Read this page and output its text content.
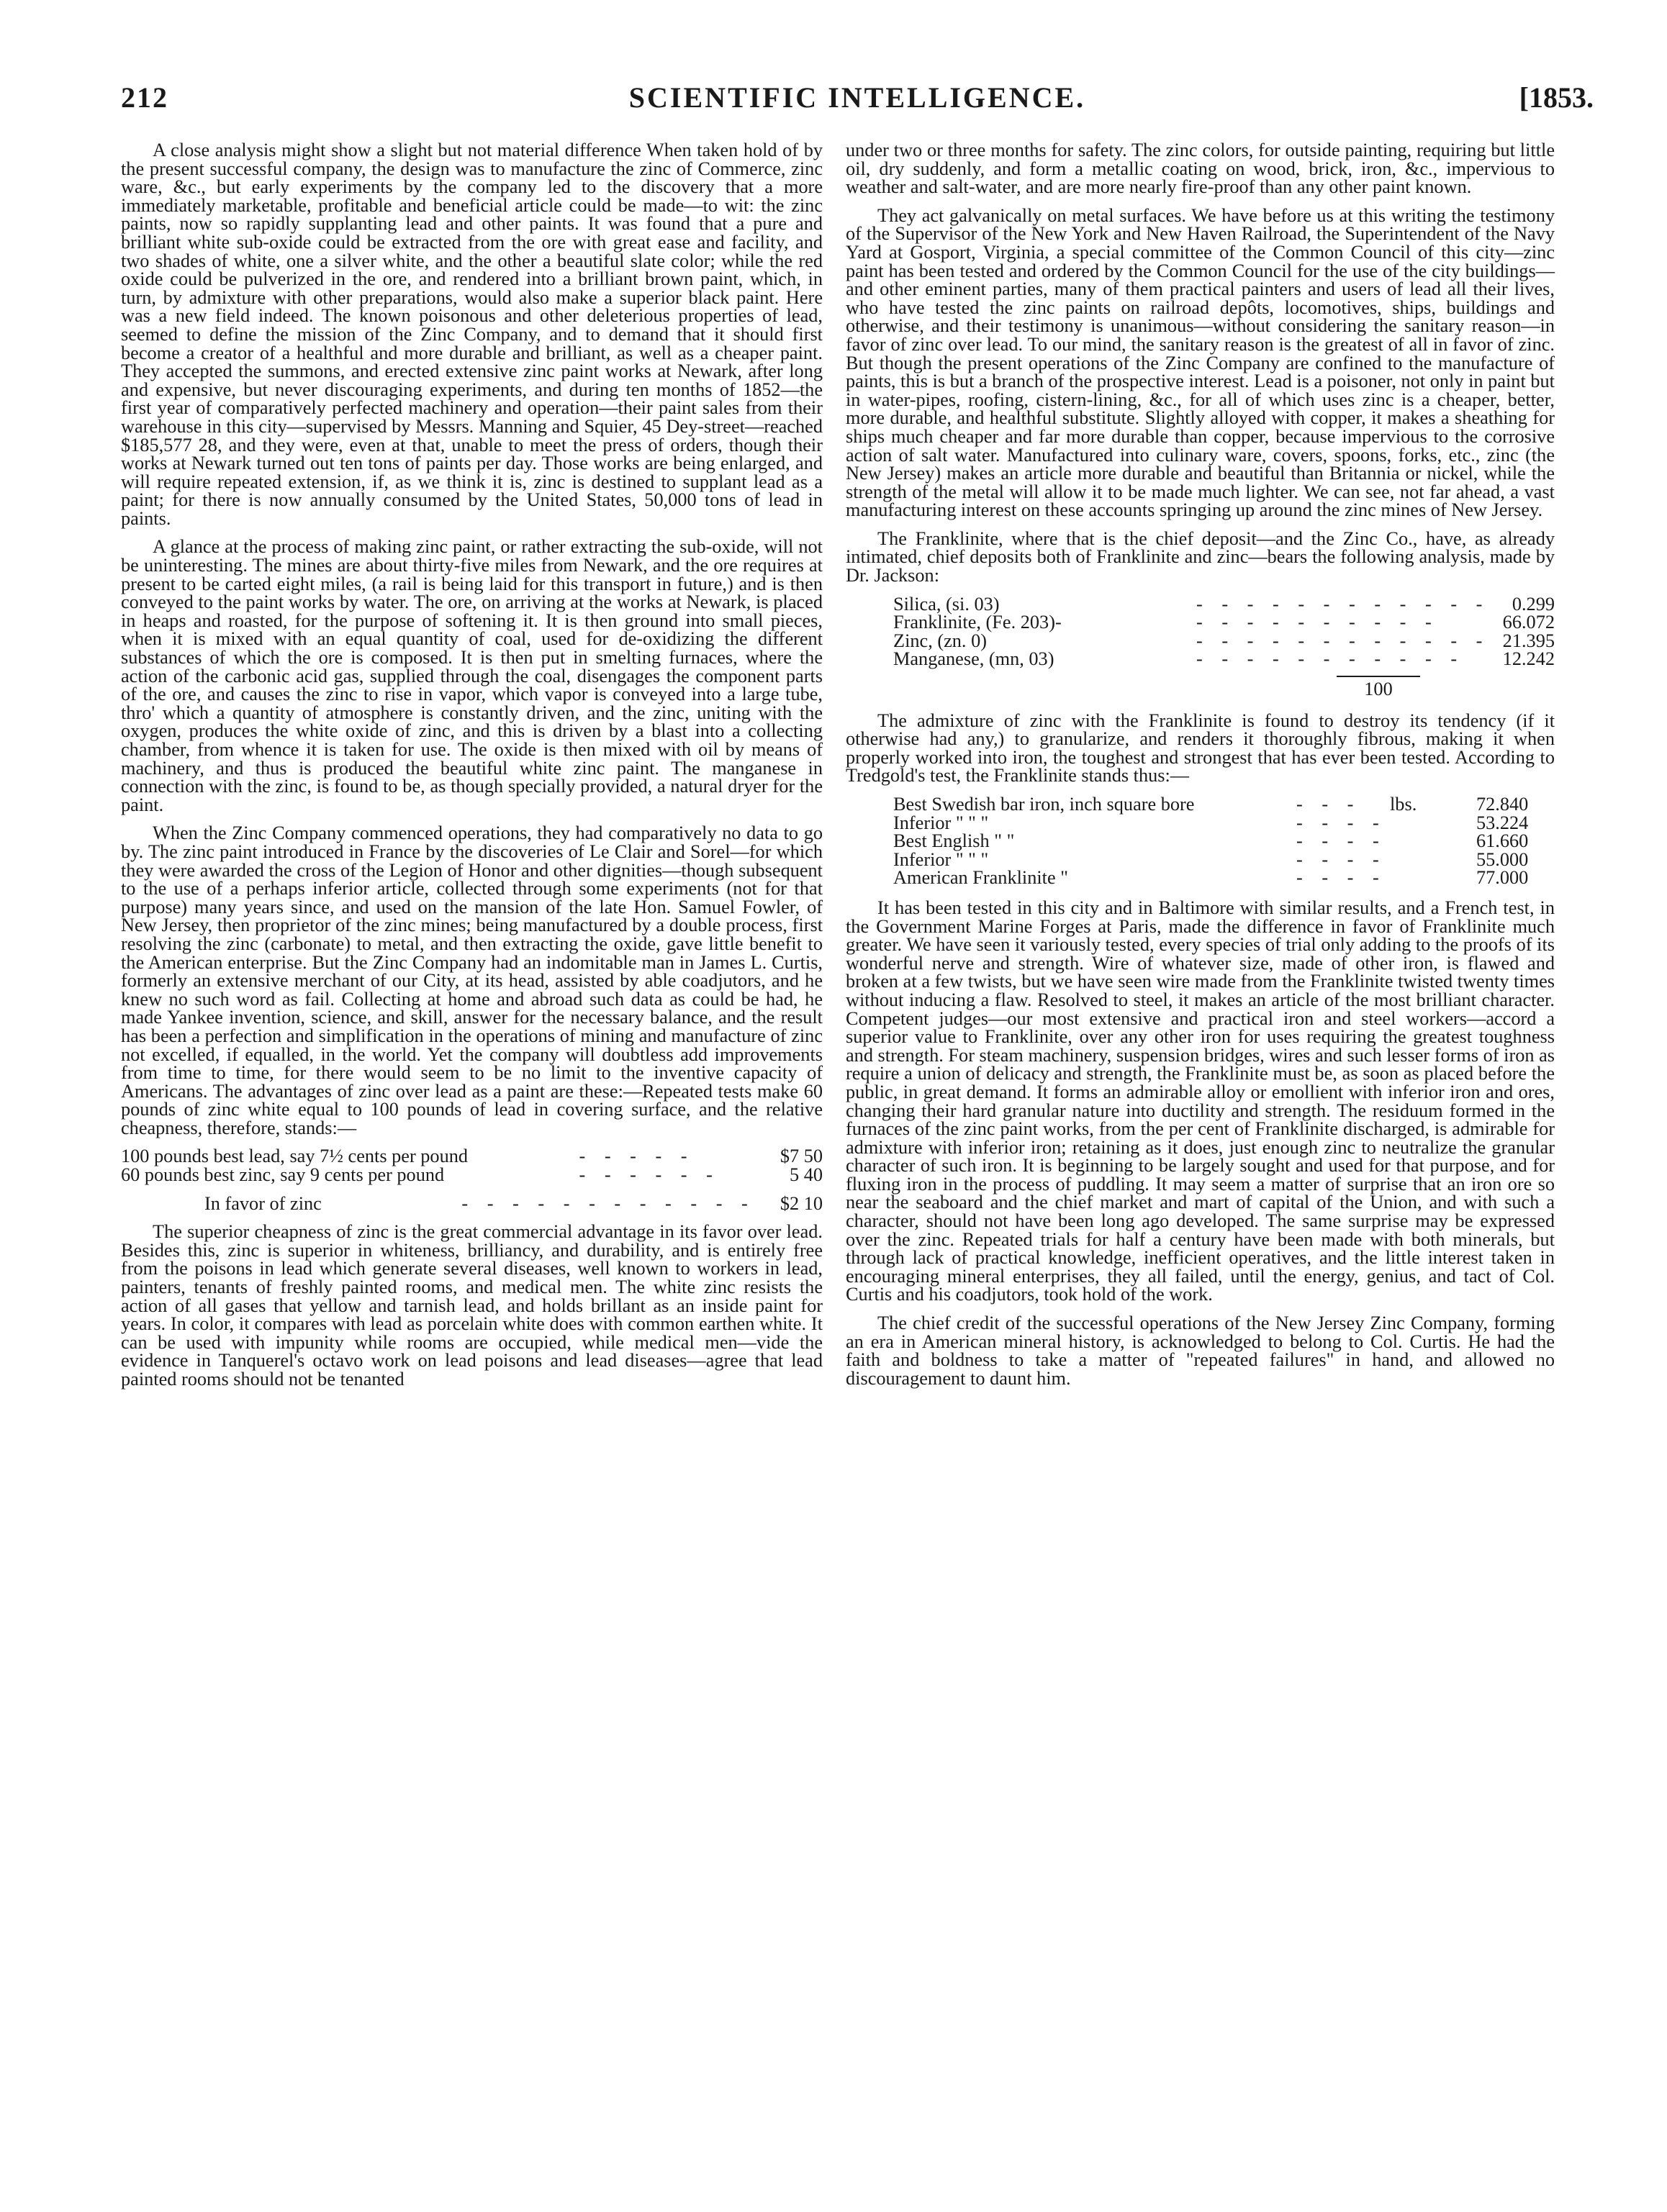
212	SCIENTIFIC INTELLIGENCE.	[1853.

A close analysis might show a slight but not material difference When taken hold of by the present successful company, the design was to manufacture the zinc of Commerce, zinc ware, &c., but early experiments by the company led to the discovery that a more immediately marketable, profitable and beneficial article could be made—to wit: the zinc paints, now so rapidly supplanting lead and other paints. It was found that a pure and brilliant white sub-oxide could be extracted from the ore with great ease and facility, and two shades of white, one a silver white, and the other a beautiful slate color; while the red oxide could be pulverized in the ore, and rendered into a brilliant brown paint, which, in turn, by admixture with other preparations, would also make a superior black paint. Here was a new field indeed. The known poisonous and other deleterious properties of lead, seemed to define the mission of the Zinc Company, and to demand that it should first become a creator of a healthful and more durable and brilliant, as well as a cheaper paint. They accepted the summons, and erected extensive zinc paint works at Newark, after long and expensive, but never discouraging experiments, and during ten months of 1852—the first year of comparatively perfected machinery and operation—their paint sales from their warehouse in this city—supervised by Messrs. Manning and Squier, 45 Dey-street—reached $185,577 28, and they were, even at that, unable to meet the press of orders, though their works at Newark turned out ten tons of paints per day. Those works are being enlarged, and will require repeated extension, if, as we think it is, zinc is destined to supplant lead as a paint; for there is now annually consumed by the United States, 50,000 tons of lead in paints.

A glance at the process of making zinc paint, or rather extracting the sub-oxide, will not be uninteresting. The mines are about thirty-five miles from Newark, and the ore requires at present to be carted eight miles, (a rail is being laid for this transport in future,) and is then conveyed to the paint works by water. The ore, on arriving at the works at Newark, is placed in heaps and roasted, for the purpose of softening it. It is then ground into small pieces, when it is mixed with an equal quantity of coal, used for de-oxidizing the different substances of which the ore is composed. It is then put in smelting furnaces, where the action of the carbonic acid gas, supplied through the coal, disengages the component parts of the ore, and causes the zinc to rise in vapor, which vapor is conveyed into a large tube, thro' which a quantity of atmosphere is constantly driven, and the zinc, uniting with the oxygen, produces the white oxide of zinc, and this is driven by a blast into a collecting chamber, from whence it is taken for use. The oxide is then mixed with oil by means of machinery, and thus is produced the beautiful white zinc paint. The manganese in connection with the zinc, is found to be, as though specially provided, a natural dryer for the paint.

When the Zinc Company commenced operations, they had comparatively no data to go by. The zinc paint introduced in France by the discoveries of Le Clair and Sorel—for which they were awarded the cross of the Legion of Honor and other dignities—though subsequent to the use of a perhaps inferior article, collected through some experiments (not for that purpose) many years since, and used on the mansion of the late Hon. Samuel Fowler, of New Jersey, then proprietor of the zinc mines; being manufactured by a double process, first resolving the zinc (carbonate) to metal, and then extracting the oxide, gave little benefit to the American enterprise. But the Zinc Company had an indomitable man in James L. Curtis, formerly an extensive merchant of our City, at its head, assisted by able coadjutors, and he knew no such word as fail. Collecting at home and abroad such data as could be had, he made Yankee invention, science, and skill, answer for the necessary balance, and the result has been a perfection and simplification in the operations of mining and manufacture of zinc not excelled, if equalled, in the world. Yet the company will doubtless add improvements from time to time, for there would seem to be no limit to the inventive capacity of Americans. The advantages of zinc over lead as a paint are these:—Repeated tests make 60 pounds of zinc white equal to 100 pounds of lead in covering surface, and the relative cheapness, therefore, stands:—

100 pounds best lead, say 7½ cents per pound	- - - - -	$7 50
60 pounds best zinc, say 9 cents per pound	- - - - - -	5 40
In favor of zinc	- - - - - - - - - - - -	$2 10

The superior cheapness of zinc is the great commercial advantage in its favor over lead. Besides this, zinc is superior in whiteness, brilliancy, and durability, and is entirely free from the poisons in lead which generate several diseases, well known to workers in lead, painters, tenants of freshly painted rooms, and medical men. The white zinc resists the action of all gases that yellow and tarnish lead, and holds brillant as an inside paint for years. In color, it compares with lead as porcelain white does with common earthen white. It can be used with impunity while rooms are occupied, while medical men—vide the evidence in Tanquerel's octavo work on lead poisons and lead diseases—agree that lead painted rooms should not be tenanted

under two or three months for safety. The zinc colors, for outside painting, requiring but little oil, dry suddenly, and form a metallic coating on wood, brick, iron, &c., impervious to weather and salt-water, and are more nearly fire-proof than any other paint known.

They act galvanically on metal surfaces. We have before us at this writing the testimony of the Supervisor of the New York and New Haven Railroad, the Superintendent of the Navy Yard at Gosport, Virginia, a special committee of the Common Council of this city—zinc paint has been tested and ordered by the Common Council for the use of the city buildings—and other eminent parties, many of them practical painters and users of lead all their lives, who have tested the zinc paints on railroad depôts, locomotives, ships, buildings and otherwise, and their testimony is unanimous—without considering the sanitary reason—in favor of zinc over lead. To our mind, the sanitary reason is the greatest of all in favor of zinc. But though the present operations of the Zinc Company are confined to the manufacture of paints, this is but a branch of the prospective interest. Lead is a poisoner, not only in paint but in water-pipes, roofing, cistern-lining, &c., for all of which uses zinc is a cheaper, better, more durable, and healthful substitute. Slightly alloyed with copper, it makes a sheathing for ships much cheaper and far more durable than copper, because impervious to the corrosive action of salt water. Manufactured into culinary ware, covers, spoons, forks, etc., zinc (the New Jersey) makes an article more durable and beautiful than Britannia or nickel, while the strength of the metal will allow it to be made much lighter. We can see, not far ahead, a vast manufacturing interest on these accounts springing up around the zinc mines of New Jersey.

The Franklinite, where that is the chief deposit—and the Zinc Co., have, as already intimated, chief deposits both of Franklinite and zinc—bears the following analysis, made by Dr. Jackson:

Silica, (si. 03)	- - - - - - - - - - - -	0.299
Franklinite, (Fe. 203)-	- - - - - - - - - -	66.072
Zinc, (zn. 0)	- - - - - - - - - - - -	21.395
Manganese, (mn, 03)	- - - - - - - - - - -	12.242
100

The admixture of zinc with the Franklinite is found to destroy its tendency (if it otherwise had any,) to granularize, and renders it thoroughly fibrous, making it when properly worked into iron, the toughest and strongest that has ever been tested. According to Tredgold's test, the Franklinite stands thus:—

Best Swedish bar iron, inch square bore	- - -	lbs.	72.840
Inferior " " "	- - - -		53.224
Best English " "	- - - -		61.660
Inferior " " "	- - - -		55.000
American Franklinite "	- - - -		77.000

It has been tested in this city and in Baltimore with similar results, and a French test, in the Government Marine Forges at Paris, made the difference in favor of Franklinite much greater. We have seen it variously tested, every species of trial only adding to the proofs of its wonderful nerve and strength. Wire of whatever size, made of other iron, is flawed and broken at a few twists, but we have seen wire made from the Franklinite twisted twenty times without inducing a flaw. Resolved to steel, it makes an article of the most brilliant character. Competent judges—our most extensive and practical iron and steel workers—accord a superior value to Franklinite, over any other iron for uses requiring the greatest toughness and strength. For steam machinery, suspension bridges, wires and such lesser forms of iron as require a union of delicacy and strength, the Franklinite must be, as soon as placed before the public, in great demand. It forms an admirable alloy or emollient with inferior iron and ores, changing their hard granular nature into ductility and strength. The residuum formed in the furnaces of the zinc paint works, from the per cent of Franklinite discharged, is admirable for admixture with inferior iron; retaining as it does, just enough zinc to neutralize the granular character of such iron. It is beginning to be largely sought and used for that purpose, and for fluxing iron in the process of puddling. It may seem a matter of surprise that an iron ore so near the seaboard and the chief market and mart of capital of the Union, and with such a character, should not have been long ago developed. The same surprise may be expressed over the zinc. Repeated trials for half a century have been made with both minerals, but through lack of practical knowledge, inefficient operatives, and the little interest taken in encouraging mineral enterprises, they all failed, until the energy, genius, and tact of Col. Curtis and his coadjutors, took hold of the work.

The chief credit of the successful operations of the New Jersey Zinc Company, forming an era in American mineral history, is acknowledged to belong to Col. Curtis. He had the faith and boldness to take a matter of "repeated failures" in hand, and allowed no discouragement to daunt him.
